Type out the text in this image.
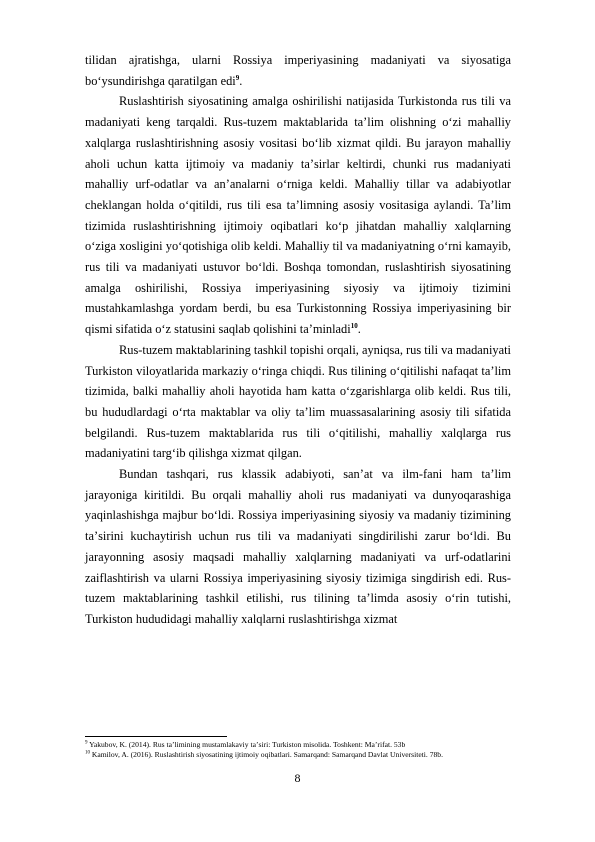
tilidan ajratishga, ularni Rossiya imperiyasining madaniyati va siyosatiga bo‘ysundirishga qaratilgan edi$^9$.

Ruslashtirish siyosatining amalga oshirilishi natijasida Turkistonda rus tili va madaniyati keng tarqaldi. Rus-tuzem maktablarida taʼlim olishning o‘zi mahalliy xalqlarga ruslashtirishning asosiy vositasi bo‘lib xizmat qildi. Bu jarayon mahalliy aholi uchun katta ijtimoiy va madaniy taʼsirlar keltirdi, chunki rus madaniyati mahalliy urf-odatlar va anʼanalarni o‘rniga keldi. Mahalliy tillar va adabiyotlar cheklangan holda o‘qitildi, rus tili esa taʼlimning asosiy vositasiga aylandi. Taʼlim tizimida ruslashtirishning ijtimoiy oqibatlari ko‘p jihatdan mahalliy xalqlarning o‘ziga xosligini yo‘qotishiga olib keldi. Mahalliy til va madaniyatning o‘rni kamayib, rus tili va madaniyati ustuvor bo‘ldi. Boshqa tomondan, ruslashtirish siyosatining amalga oshirilishi, Rossiya imperiyasining siyosiy va ijtimoiy tizimini mustahkamlashga yordam berdi, bu esa Turkistonning Rossiya imperiyasining bir qismi sifatida o‘z statusini saqlab qolishini taʼminladi$^{10}$.

Rus-tuzem maktablarining tashkil topishi orqali, ayniqsa, rus tili va madaniyati Turkiston viloyatlarida markaziy o‘ringa chiqdi. Rus tilining o‘qitilishi nafaqat taʼlim tizimida, balki mahalliy aholi hayotida ham katta o‘zgarishlarga olib keldi. Rus tili, bu hududlardagi o‘rta maktablar va oliy taʼlim muassasalarining asosiy tili sifatida belgilandi. Rus-tuzem maktablarida rus tili o‘qitilishi, mahalliy xalqlarga rus madaniyatini targ‘ib qilishga xizmat qilgan.

Bundan tashqari, rus klassik adabiyoti, sanʼat va ilm-fani ham taʼlim jarayoniga kiritildi. Bu orqali mahalliy aholi rus madaniyati va dunyoqarashiga yaqinlashishga majbur bo‘ldi. Rossiya imperiyasining siyosiy va madaniy tizimining taʼsirini kuchaytirish uchun rus tili va madaniyati singdirilishi zarur bo‘ldi. Bu jarayonning asosiy maqsadi mahalliy xalqlarning madaniyati va urf-odatlarini zaiflashtirish va ularni Rossiya imperiyasining siyosiy tizimiga singdirish edi. Rus-tuzem maktablarining tashkil etilishi, rus tilining taʼlimda asosiy o‘rin tutishi, Turkiston hududidagi mahalliy xalqlarni ruslashtirishga xizmat

$^9$ Yakubov, K. (2014). Rus taʼlimining mustamlakaviy taʼsiri: Turkiston misolida. Toshkent: Maʼrifat. 53b

$^{10}$ Kamilov, A. (2016). Ruslashtirish siyosatining ijtimoiy oqibatlari. Samarqand: Samarqand Davlat Universiteti. 78b.

8
